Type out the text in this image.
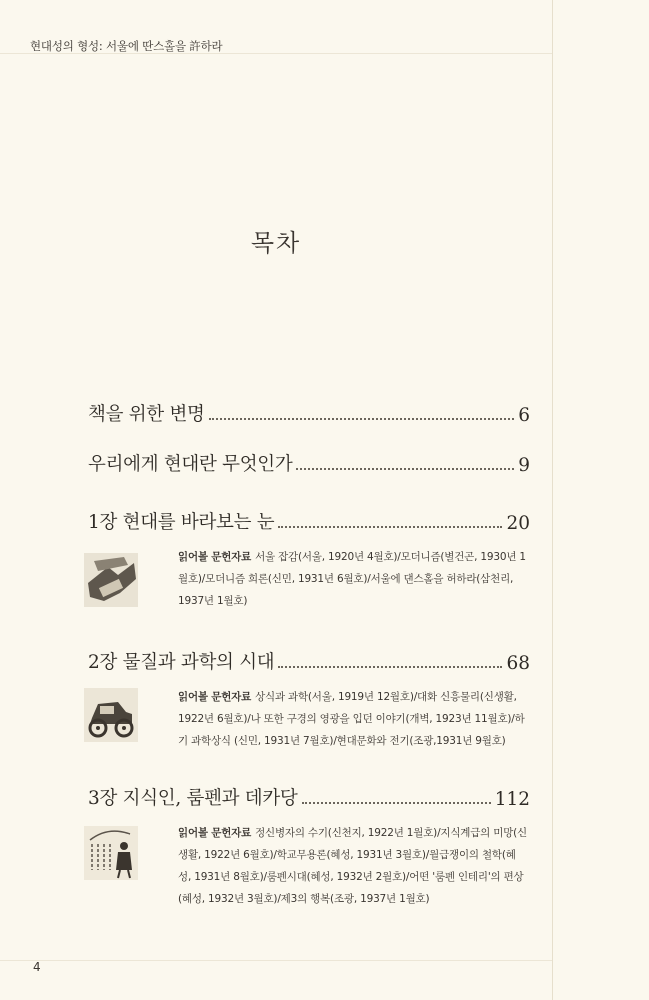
현대성의 형성: 서울에 딴스홀을 許하라
목차
책을 위한 변명	6
우리에게 현대란 무엇인가	9
1장 현대를 바라보는 눈	20
읽어볼 문헌자료 서울 잡감(서울, 1920년 4월호)/모더니즘(별건곤, 1930년 1월호)/모더니즘 희론(신민, 1931년 6월호)/서울에 댄스홀을 허하라(삼천리, 1937년 1월호)
2장 물질과 과학의 시대	68
읽어볼 문헌자료 상식과 과학(서울, 1919년 12월호)/대화 신흥물리(신생활, 1922년 6월호)/나 또한 구경의 영광을 입던 이야기(개벽, 1923년 11월호)/하기 과학상식 (신민, 1931년 7월호)/현대문화와 전기(조광,1931년 9월호)
3장 지식인, 룸펜과 데카당	112
읽어볼 문헌자료 정신병자의 수기(신천지, 1922년 1월호)/지식계급의 미망(신생활, 1922년 6월호)/학교무용론(혜성, 1931년 3월호)/월급쟁이의 철학(혜성, 1931년 8월호)/룸펜시대(혜성, 1932년 2월호)/어떤 '룸펜 인테리'의 편상(혜성, 1932년 3월호)/제3의 행복(조광, 1937년 1월호)
4
